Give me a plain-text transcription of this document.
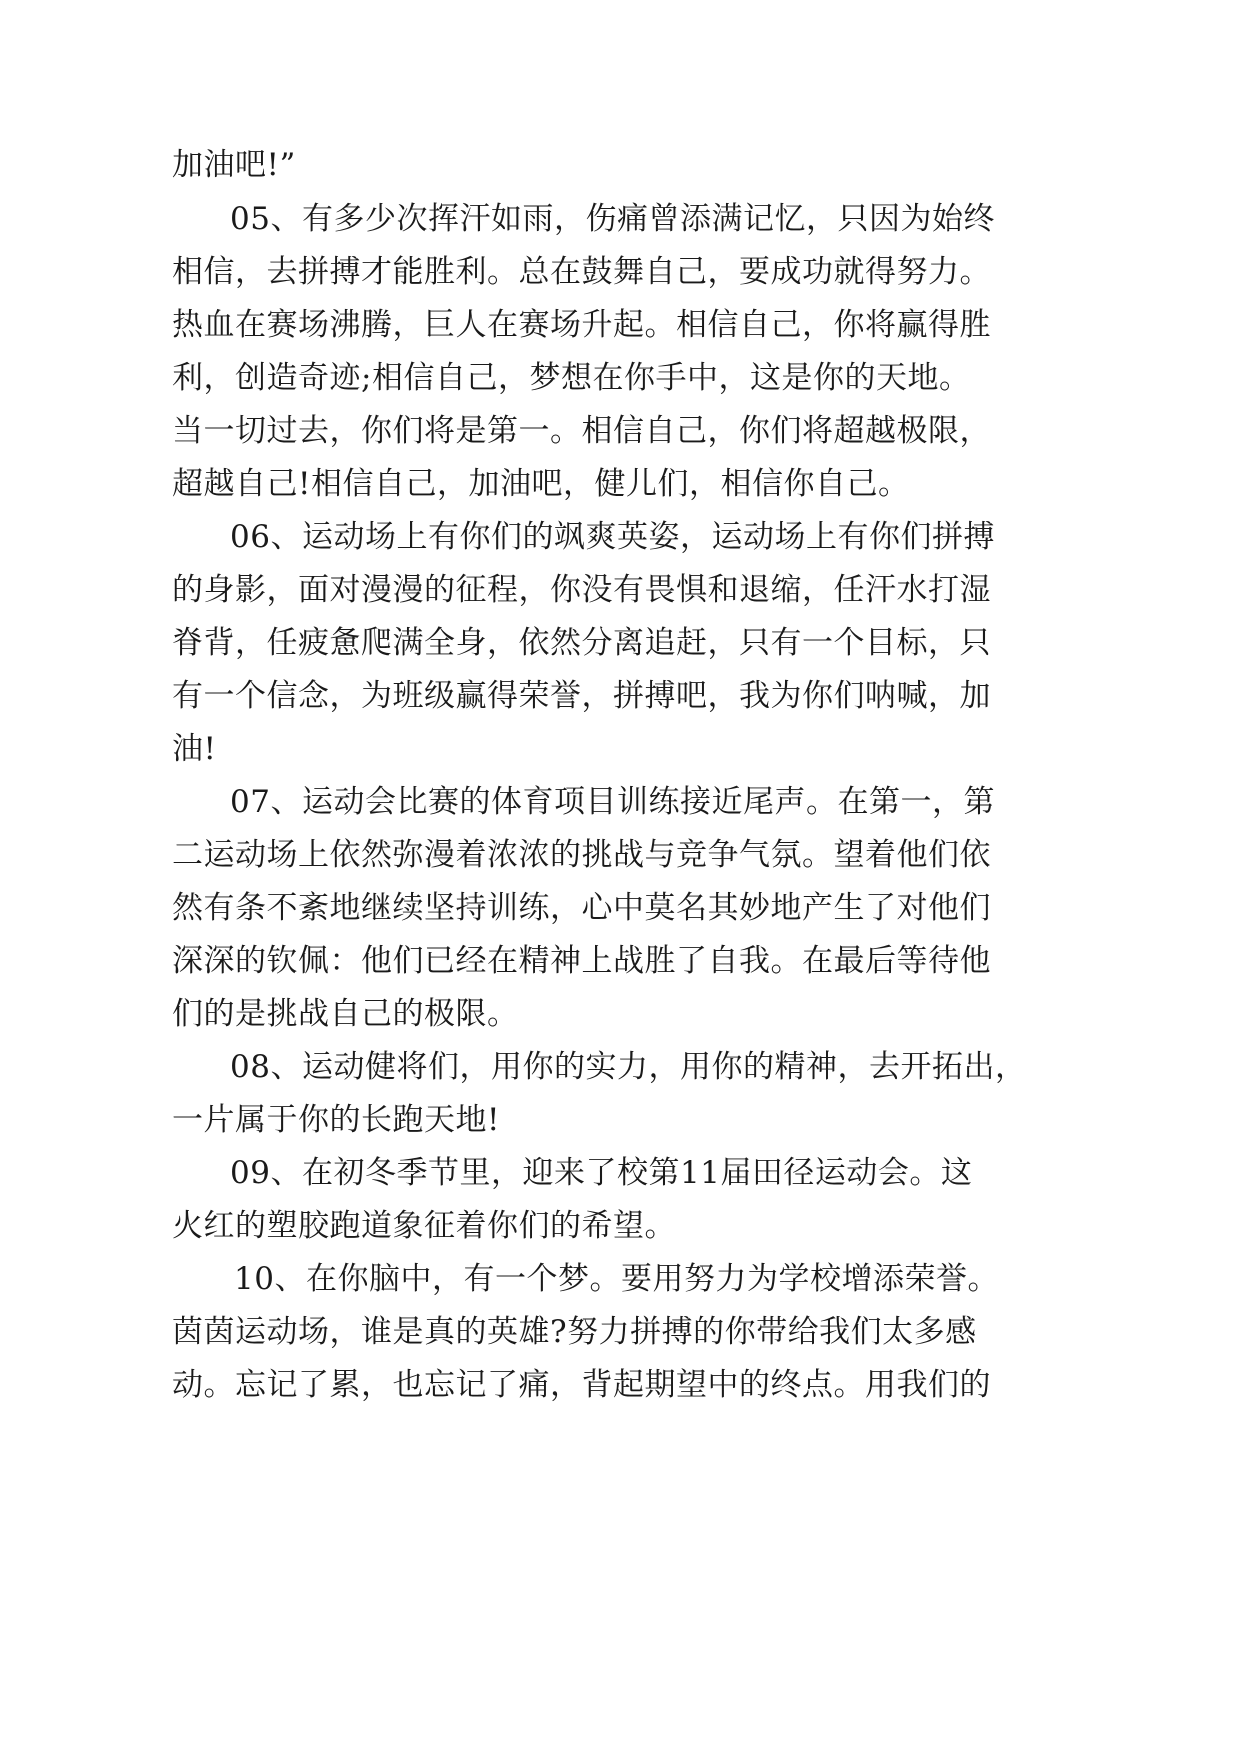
加油吧!”
05、有多少次挥汗如雨，伤痛曾添满记忆，只因为始终
相信，去拼搏才能胜利。总在鼓舞自己，要成功就得努力。
热血在赛场沸腾，巨人在赛场升起。相信自己，你将赢得胜
利，创造奇迹;相信自己，梦想在你手中，这是你的天地。
当一切过去，你们将是第一。相信自己，你们将超越极限，
超越自己!相信自己，加油吧，健儿们，相信你自己。
06、运动场上有你们的飒爽英姿，运动场上有你们拼搏
的身影，面对漫漫的征程，你没有畏惧和退缩，任汗水打湿
脊背，任疲惫爬满全身，依然分离追赶，只有一个目标，只
有一个信念，为班级赢得荣誉，拼搏吧，我为你们呐喊，加
油!
07、运动会比赛的体育项目训练接近尾声。在第一，第
二运动场上依然弥漫着浓浓的挑战与竞争气氛。望着他们依
然有条不紊地继续坚持训练，心中莫名其妙地产生了对他们
深深的钦佩：他们已经在精神上战胜了自我。在最后等待他
们的是挑战自己的极限。
08、运动健将们，用你的实力，用你的精神，去开拓出，
一片属于你的长跑天地!
09、在初冬季节里，迎来了校第11届田径运动会。这
火红的塑胶跑道象征着你们的希望。
10、在你脑中，有一个梦。要用努力为学校增添荣誉。
茵茵运动场，谁是真的英雄?努力拼搏的你带给我们太多感
动。忘记了累，也忘记了痛，背起期望中的终点。用我们的
